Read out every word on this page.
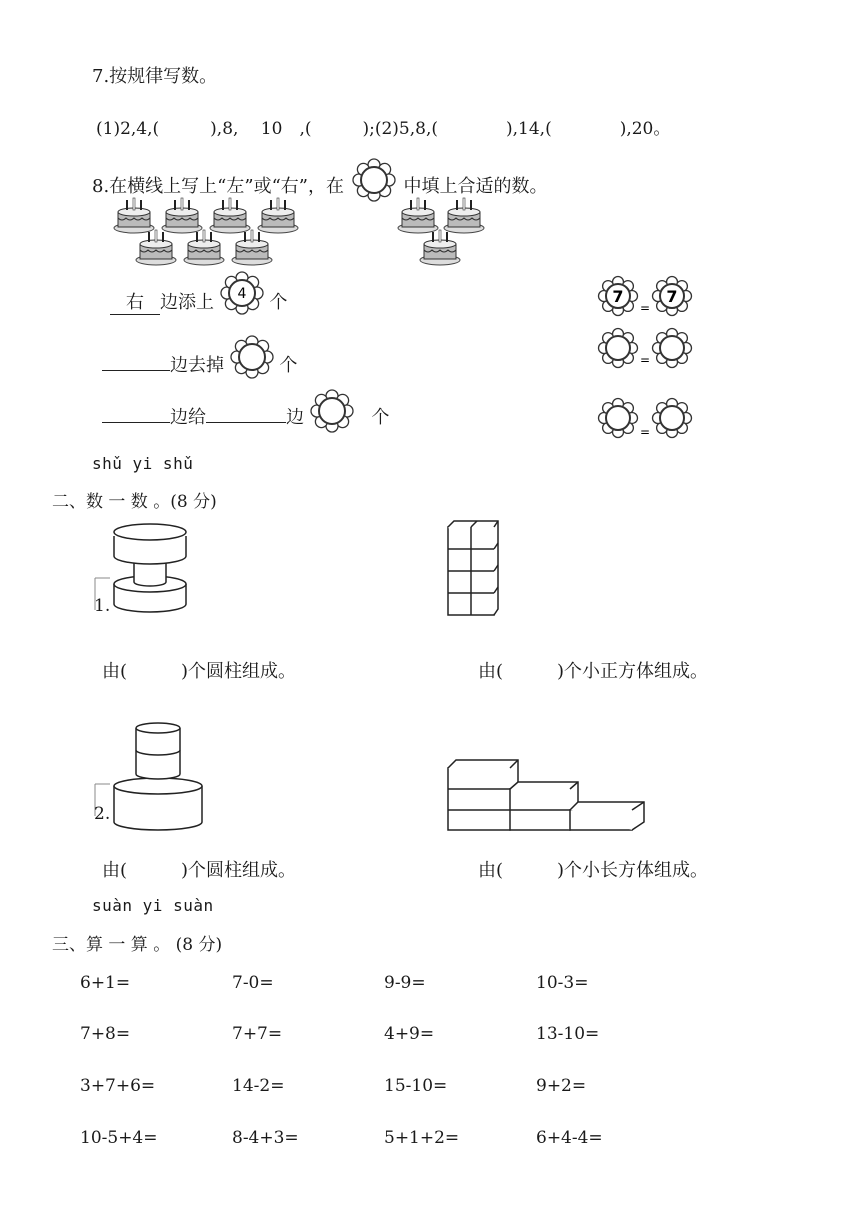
7.按规律写数。
(1)2,4,(　　　),8,　 10　,(　　　);(2)5,8,(　　　　),14,(　　　　),20。
8.在横线上写上“左”或“右”，在	中填上合适的数。
右 边添上 4 个
边去掉	个
边给	边	个
7	7
=
=
=
shǔ yi shǔ
二、数 一 数 。(8 分)
1.
由(　　　)个圆柱组成。	由(　　　)个小正方体组成。
2.
由(　　　)个圆柱组成。	由(　　　)个小长方体组成。
suàn yi suàn
三、算 一 算 。 (8 分)
6+1=	7-0=	9-9=	10-3=
7+8=	7+7=	4+9=	13-10=
3+7+6=	14-2=	15-10=	9+2=
10-5+4=	8-4+3=	5+1+2=	6+4-4=
